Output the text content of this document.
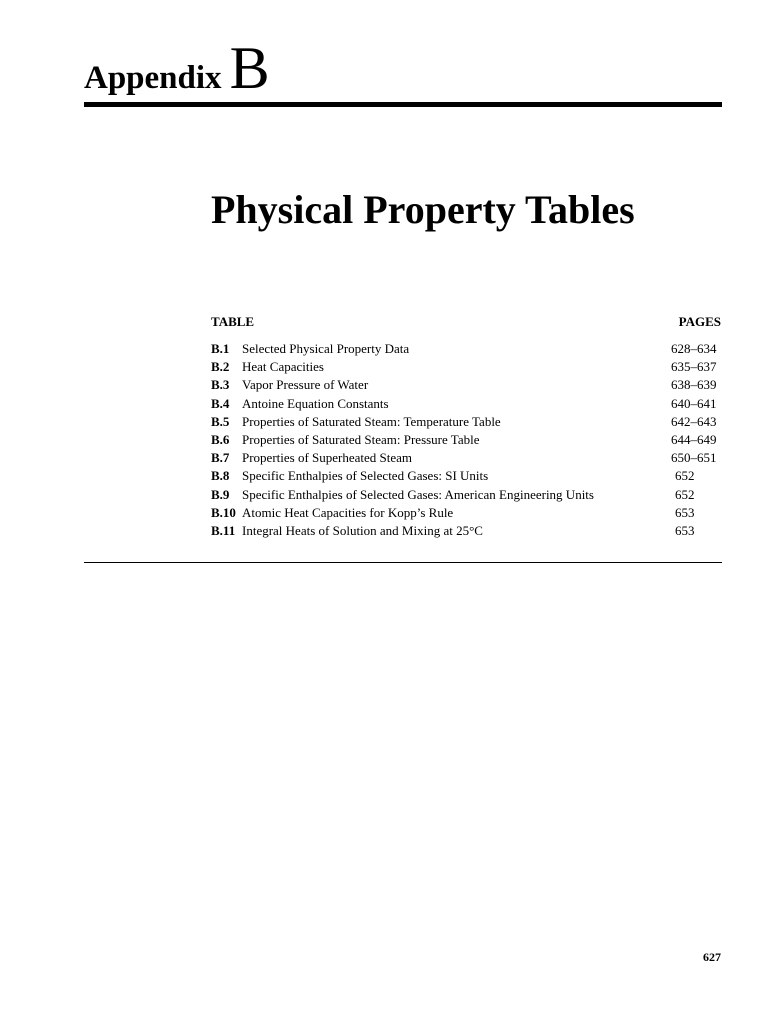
Appendix B
Physical Property Tables
TABLE	PAGES
B.1 Selected Physical Property Data	628–634
B.2 Heat Capacities	635–637
B.3 Vapor Pressure of Water	638–639
B.4 Antoine Equation Constants	640–641
B.5 Properties of Saturated Steam: Temperature Table	642–643
B.6 Properties of Saturated Steam: Pressure Table	644–649
B.7 Properties of Superheated Steam	650–651
B.8 Specific Enthalpies of Selected Gases: SI Units	652
B.9 Specific Enthalpies of Selected Gases: American Engineering Units	652
B.10 Atomic Heat Capacities for Kopp’s Rule	653
B.11 Integral Heats of Solution and Mixing at 25°C	653
627
